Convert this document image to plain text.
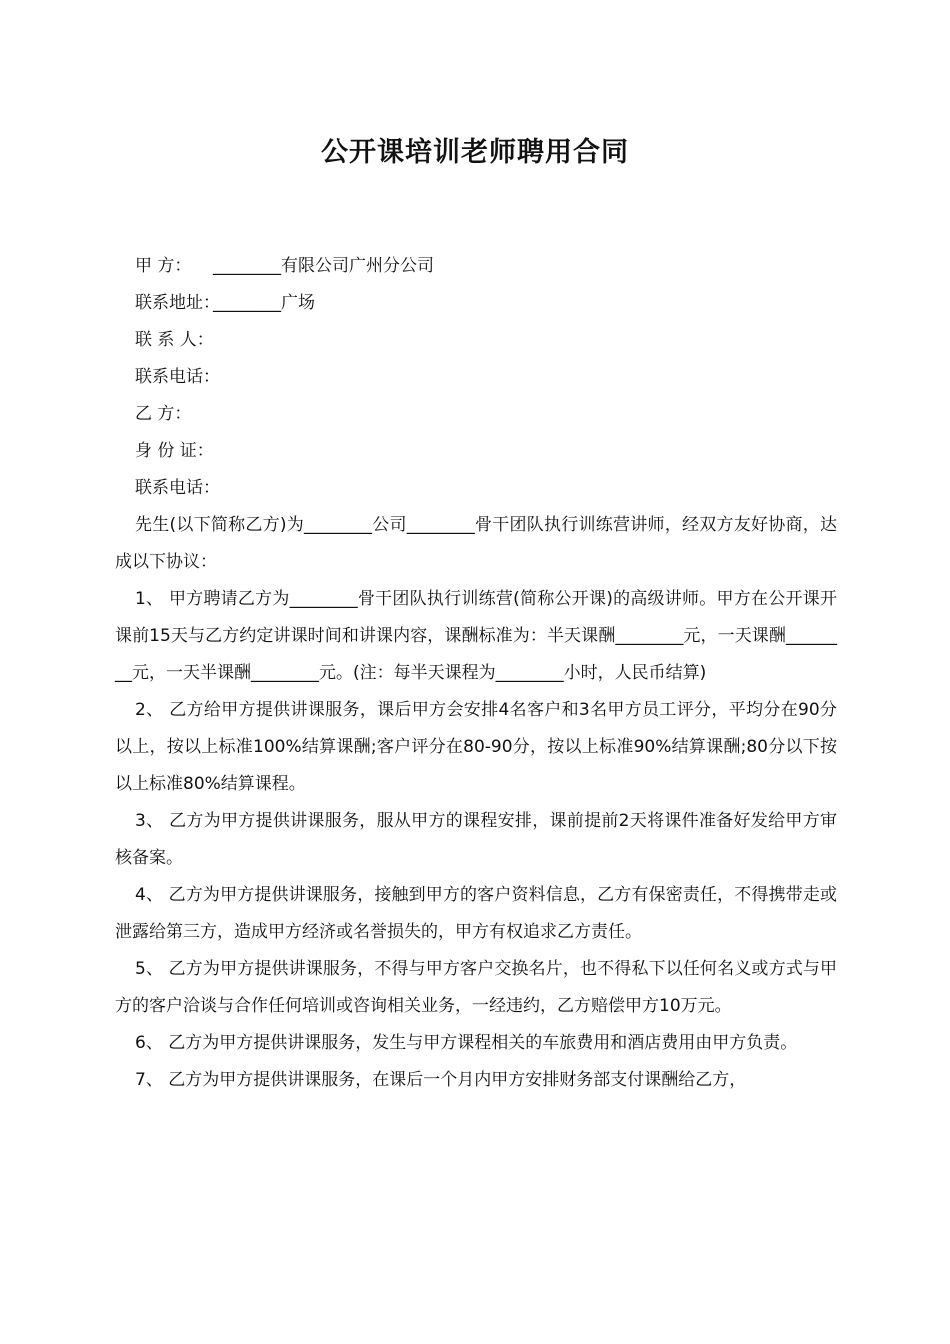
公开课培训老师聘用合同
甲 方： ________有限公司广州分公司
联系地址：________广场
联 系 人：
联系电话：
乙 方：
身 份 证：
联系电话：

先生(以下简称乙方)为________公司________骨干团队执行训练营讲师，经双方友好协商，达成以下协议：

1、 甲方聘请乙方为________骨干团队执行训练营(简称公开课)的高级讲师。甲方在公开课开课前15天与乙方约定讲课时间和讲课内容，课酬标准为：半天课酬________元，一天课酬________元，一天半课酬________元。(注：每半天课程为________小时，人民币结算)

2、 乙方给甲方提供讲课服务，课后甲方会安排4名客户和3名甲方员工评分，平均分在90分以上，按以上标准100%结算课酬;客户评分在80-90分，按以上标准90%结算课酬;80分以下按以上标准80%结算课程。

3、 乙方为甲方提供讲课服务，服从甲方的课程安排，课前提前2天将课件准备好发给甲方审核备案。

4、 乙方为甲方提供讲课服务，接触到甲方的客户资料信息，乙方有保密责任，不得携带走或泄露给第三方，造成甲方经济或名誉损失的，甲方有权追求乙方责任。

5、 乙方为甲方提供讲课服务，不得与甲方客户交换名片，也不得私下以任何名义或方式与甲方的客户洽谈与合作任何培训或咨询相关业务，一经违约，乙方赔偿甲方10万元。

6、 乙方为甲方提供讲课服务，发生与甲方课程相关的车旅费用和酒店费用由甲方负责。

7、 乙方为甲方提供讲课服务，在课后一个月内甲方安排财务部支付课酬给乙方，
